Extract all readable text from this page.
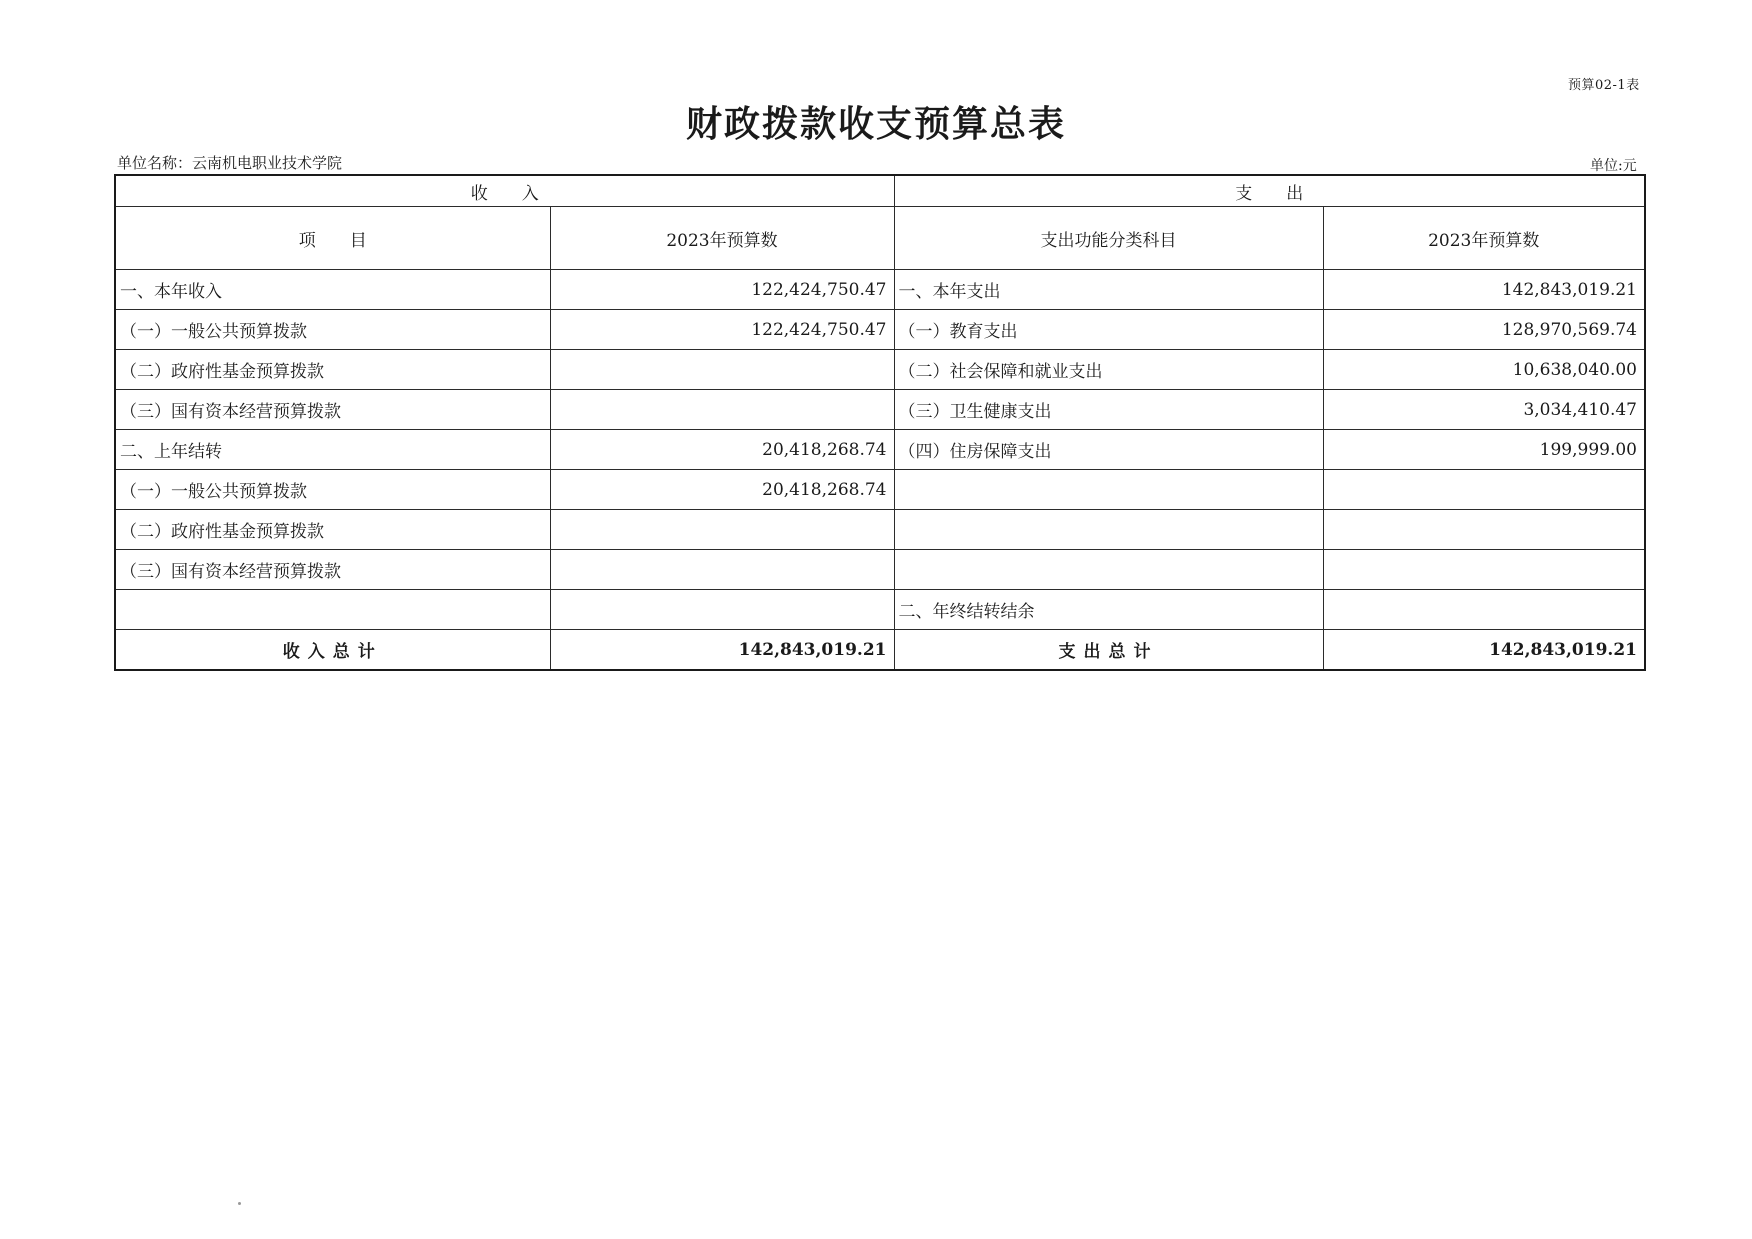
预算02-1表
财政拨款收支预算总表
单位名称：云南机电职业技术学院	单位:元
收　　入		支　　出	
项　　目	2023年预算数	支出功能分类科目	2023年预算数
一、本年收入	122,424,750.47	一、本年支出	142,843,019.21
（一）一般公共预算拨款	122,424,750.47	（一）教育支出	128,970,569.74
（二）政府性基金预算拨款		（二）社会保障和就业支出	10,638,040.00
（三）国有资本经营预算拨款		（三）卫生健康支出	3,034,410.47
二、上年结转	20,418,268.74	（四）住房保障支出	199,999.00
（一）一般公共预算拨款	20,418,268.74		
（二）政府性基金预算拨款			
（三）国有资本经营预算拨款			
		二、年终结转结余	
收入总计	142,843,019.21	支出总计	142,843,019.21
